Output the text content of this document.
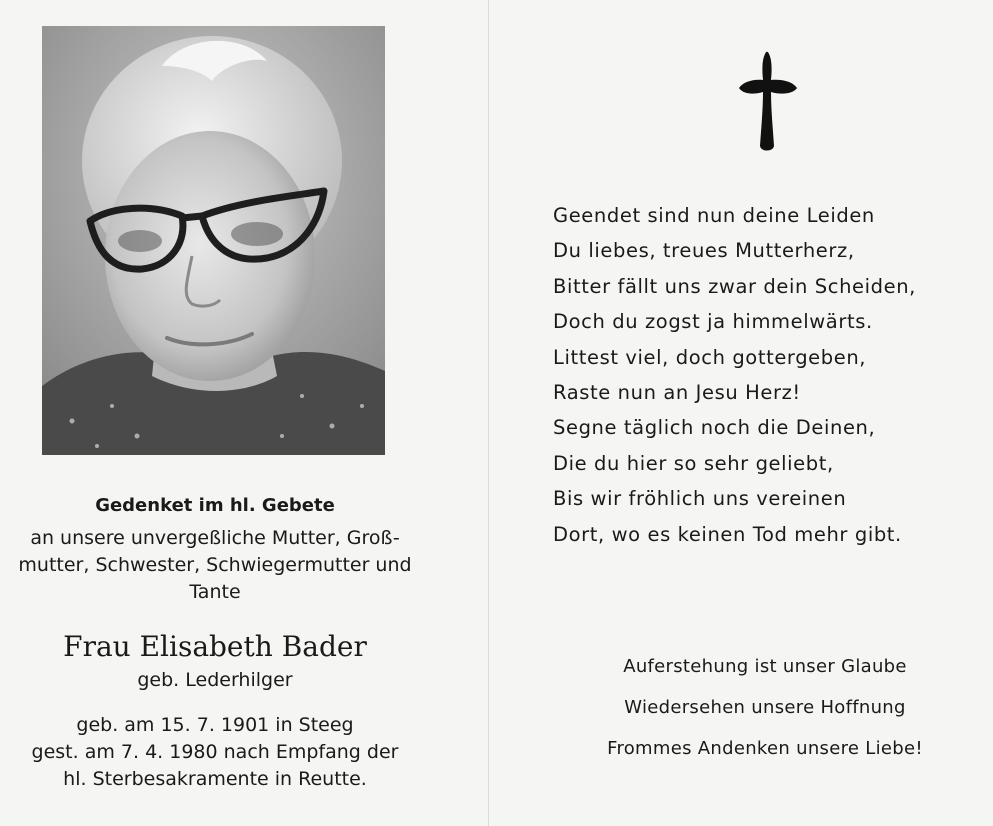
Gedenket im hl. Gebete
an unsere unvergeßliche Mutter, Groß-
mutter, Schwester, Schwiegermutter und
Tante
Frau Elisabeth Bader
geb. Lederhilger
geb. am 15. 7. 1901 in Steeg
gest. am 7. 4. 1980 nach Empfang der
hl. Sterbesakramente in Reutte.
Geendet sind nun deine Leiden
Du liebes, treues Mutterherz,
Bitter fällt uns zwar dein Scheiden,
Doch du zogst ja himmelwärts.
Littest viel, doch gottergeben,
Raste nun an Jesu Herz!
Segne täglich noch die Deinen,
Die du hier so sehr geliebt,
Bis wir fröhlich uns vereinen
Dort, wo es keinen Tod mehr gibt.
Auferstehung ist unser Glaube
Wiedersehen unsere Hoffnung
Frommes Andenken unsere Liebe!
